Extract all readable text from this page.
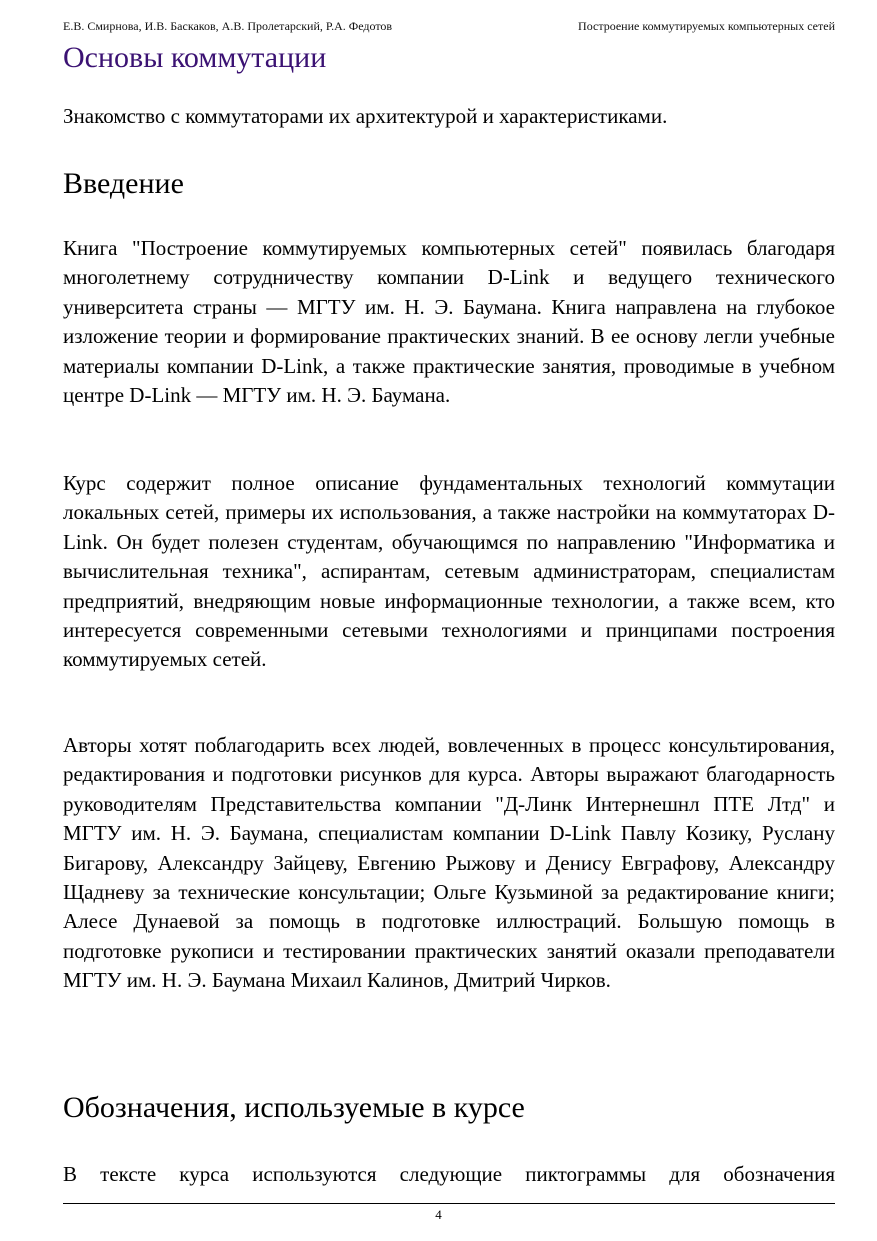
Е.В. Смирнова, И.В. Баскаков, А.В. Пролетарский, Р.А. Федотов	Построение коммутируемых компьютерных сетей
Основы коммутации

Знакомство с коммутаторами их архитектурой и характеристиками.

Введение

Книга "Построение коммутируемых компьютерных сетей" появилась благодаря многолетнему сотрудничеству компании D-Link и ведущего технического университета страны — МГТУ им. Н. Э. Баумана. Книга направлена на глубокое изложение теории и формирование практических знаний. В ее основу легли учебные материалы компании D-Link, а также практические занятия, проводимые в учебном центре D-Link — МГТУ им. Н. Э. Баумана.

Курс содержит полное описание фундаментальных технологий коммутации локальных сетей, примеры их использования, а также настройки на коммутаторах D-Link. Он будет полезен студентам, обучающимся по направлению "Информатика и вычислительная техника", аспирантам, сетевым администраторам, специалистам предприятий, внедряющим новые информационные технологии, а также всем, кто интересуется современными сетевыми технологиями и принципами построения коммутируемых сетей.

Авторы хотят поблагодарить всех людей, вовлеченных в процесс консультирования, редактирования и подготовки рисунков для курса. Авторы выражают благодарность руководителям Представительства компании "Д-Линк Интернешнл ПТЕ Лтд" и МГТУ им. Н. Э. Баумана, специалистам компании D-Link Павлу Козику, Руслану Бигарову, Александру Зайцеву, Евгению Рыжову и Денису Евграфову, Александру Щадневу за технические консультации; Ольге Кузьминой за редактирование книги; Алесе Дунаевой за помощь в подготовке иллюстраций. Большую помощь в подготовке рукописи и тестировании практических занятий оказали преподаватели МГТУ им. Н. Э. Баумана Михаил Калинов, Дмитрий Чирков.

Обозначения, используемые в курсе

В тексте курса используются следующие пиктограммы для обозначения

4
